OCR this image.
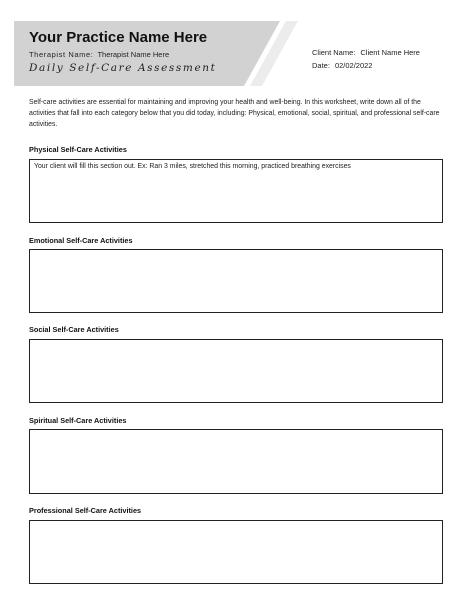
Your Practice Name Here
Therapist Name: Therapist Name Here
Daily Self-Care Assessment
Client Name: Client Name Here
Date: 02/02/2022
Self-care activities are essential for maintaining and improving your health and well-being. In this worksheet, write down all of the activities that fall into each category below that you did today, including: Physical, emotional, social, spiritual, and professional self-care activities.
Physical Self-Care Activities
Your client will fill this section out. Ex: Ran 3 miles, stretched this morning, practiced breathing exercises
Emotional Self-Care Activities
Social Self-Care Activities
Spiritual Self-Care Activities
Professional Self-Care Activities
